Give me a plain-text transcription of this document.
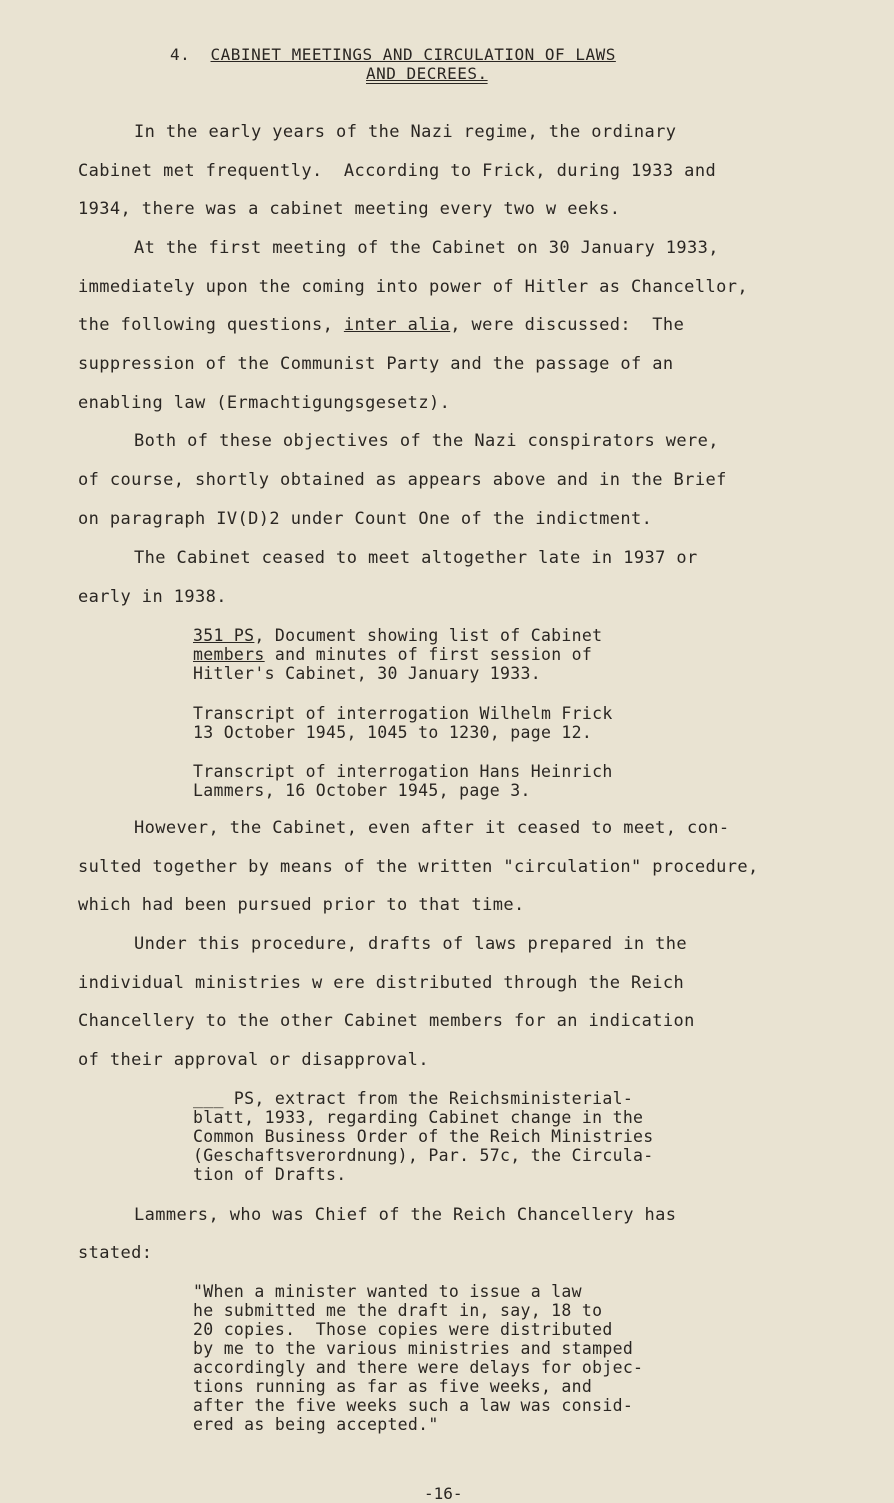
4. CABINET MEETINGS AND CIRCULATION OF LAWS
AND DECREES.
In the early years of the Nazi regime, the ordinary
Cabinet met frequently.  According to Frick, during 1933 and
1934, there was a cabinet meeting every two w eeks.
At the first meeting of the Cabinet on 30 January 1933,
immediately upon the coming into power of Hitler as Chancellor,
the following questions, inter alia, were discussed:  The
suppression of the Communist Party and the passage of an
enabling law (Ermachtigungsgesetz).
Both of these objectives of the Nazi conspirators were,
of course, shortly obtained as appears above and in the Brief
on paragraph IV(D)2 under Count One of the indictment.
The Cabinet ceased to meet altogether late in 1937 or
early in 1938.
351 PS, Document showing list of Cabinet
members and minutes of first session of
Hitler's Cabinet, 30 January 1933.
Transcript of interrogation Wilhelm Frick
13 October 1945, 1045 to 1230, page 12.
Transcript of interrogation Hans Heinrich
Lammers, 16 October 1945, page 3.
However, the Cabinet, even after it ceased to meet, con-
sulted together by means of the written "circulation" procedure,
which had been pursued prior to that time.
Under this procedure, drafts of laws prepared in the
individual ministries w ere distributed through the Reich
Chancellery to the other Cabinet members for an indication
of their approval or disapproval.
___ PS, extract from the Reichsministerial-
blatt, 1933, regarding Cabinet change in the
Common Business Order of the Reich Ministries
(Geschaftsverordnung), Par. 57c, the Circula-
tion of Drafts.
Lammers, who was Chief of the Reich Chancellery has
stated:
"When a minister wanted to issue a law
he submitted me the draft in, say, 18 to
20 copies.  Those copies were distributed
by me to the various ministries and stamped
accordingly and there were delays for objec-
tions running as far as five weeks, and
after the five weeks such a law was consid-
ered as being accepted."
-16-
